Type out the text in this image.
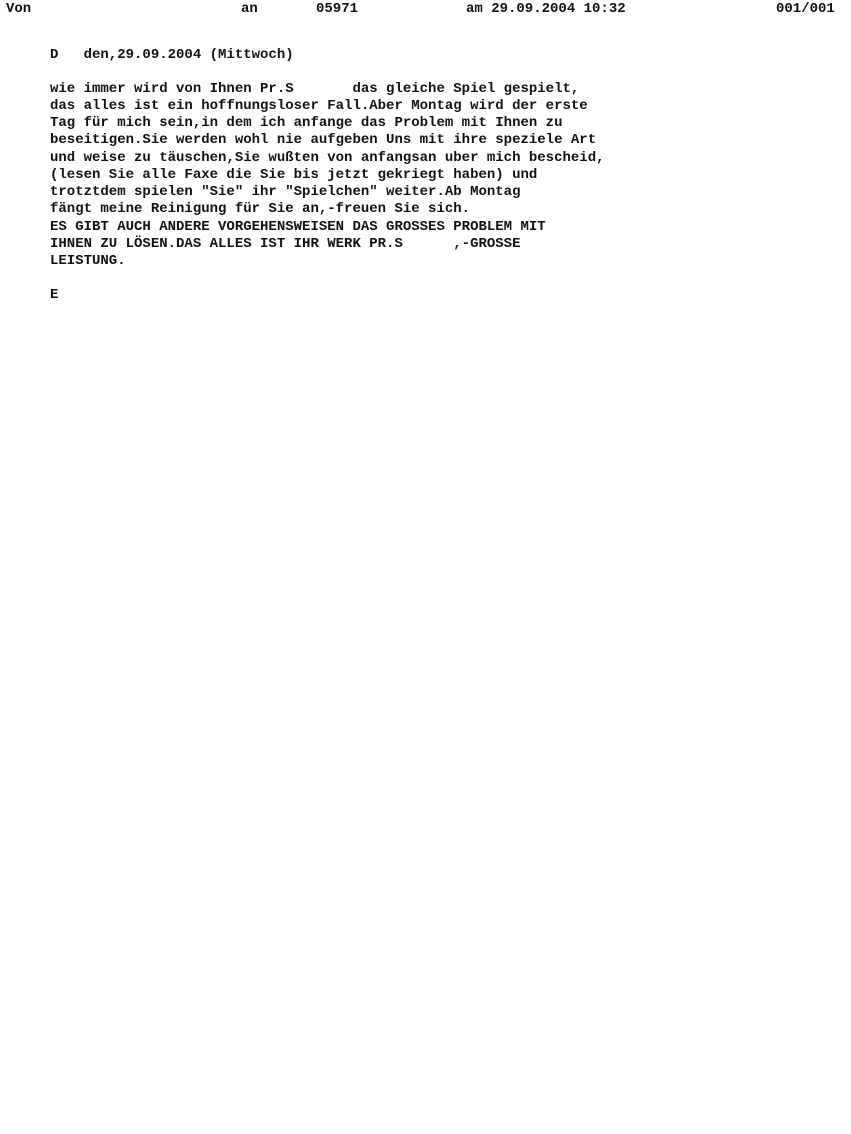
Von	an	05971	am 29.09.2004 10:32	001/001
D   den,29.09.2004 (Mittwoch)
wie immer wird von Ihnen Pr.S       das gleiche Spiel gespielt,
das alles ist ein hoffnungsloser Fall.Aber Montag wird der erste
Tag für mich sein,in dem ich anfange das Problem mit Ihnen zu
beseitigen.Sie werden wohl nie aufgeben Uns mit ihre speziele Art
und weise zu täuschen,Sie wußten von anfangsan uber mich bescheid,
(lesen Sie alle Faxe die Sie bis jetzt gekriegt haben) und
trotztdem spielen "Sie" ihr "Spielchen" weiter.Ab Montag
fängt meine Reinigung für Sie an,-freuen Sie sich.
ES GIBT AUCH ANDERE VORGEHENSWEISEN DAS GROSSES PROBLEM MIT
IHNEN ZU LÖSEN.DAS ALLES IST IHR WERK PR.S      ,-GROSSE
LEISTUNG.
E
